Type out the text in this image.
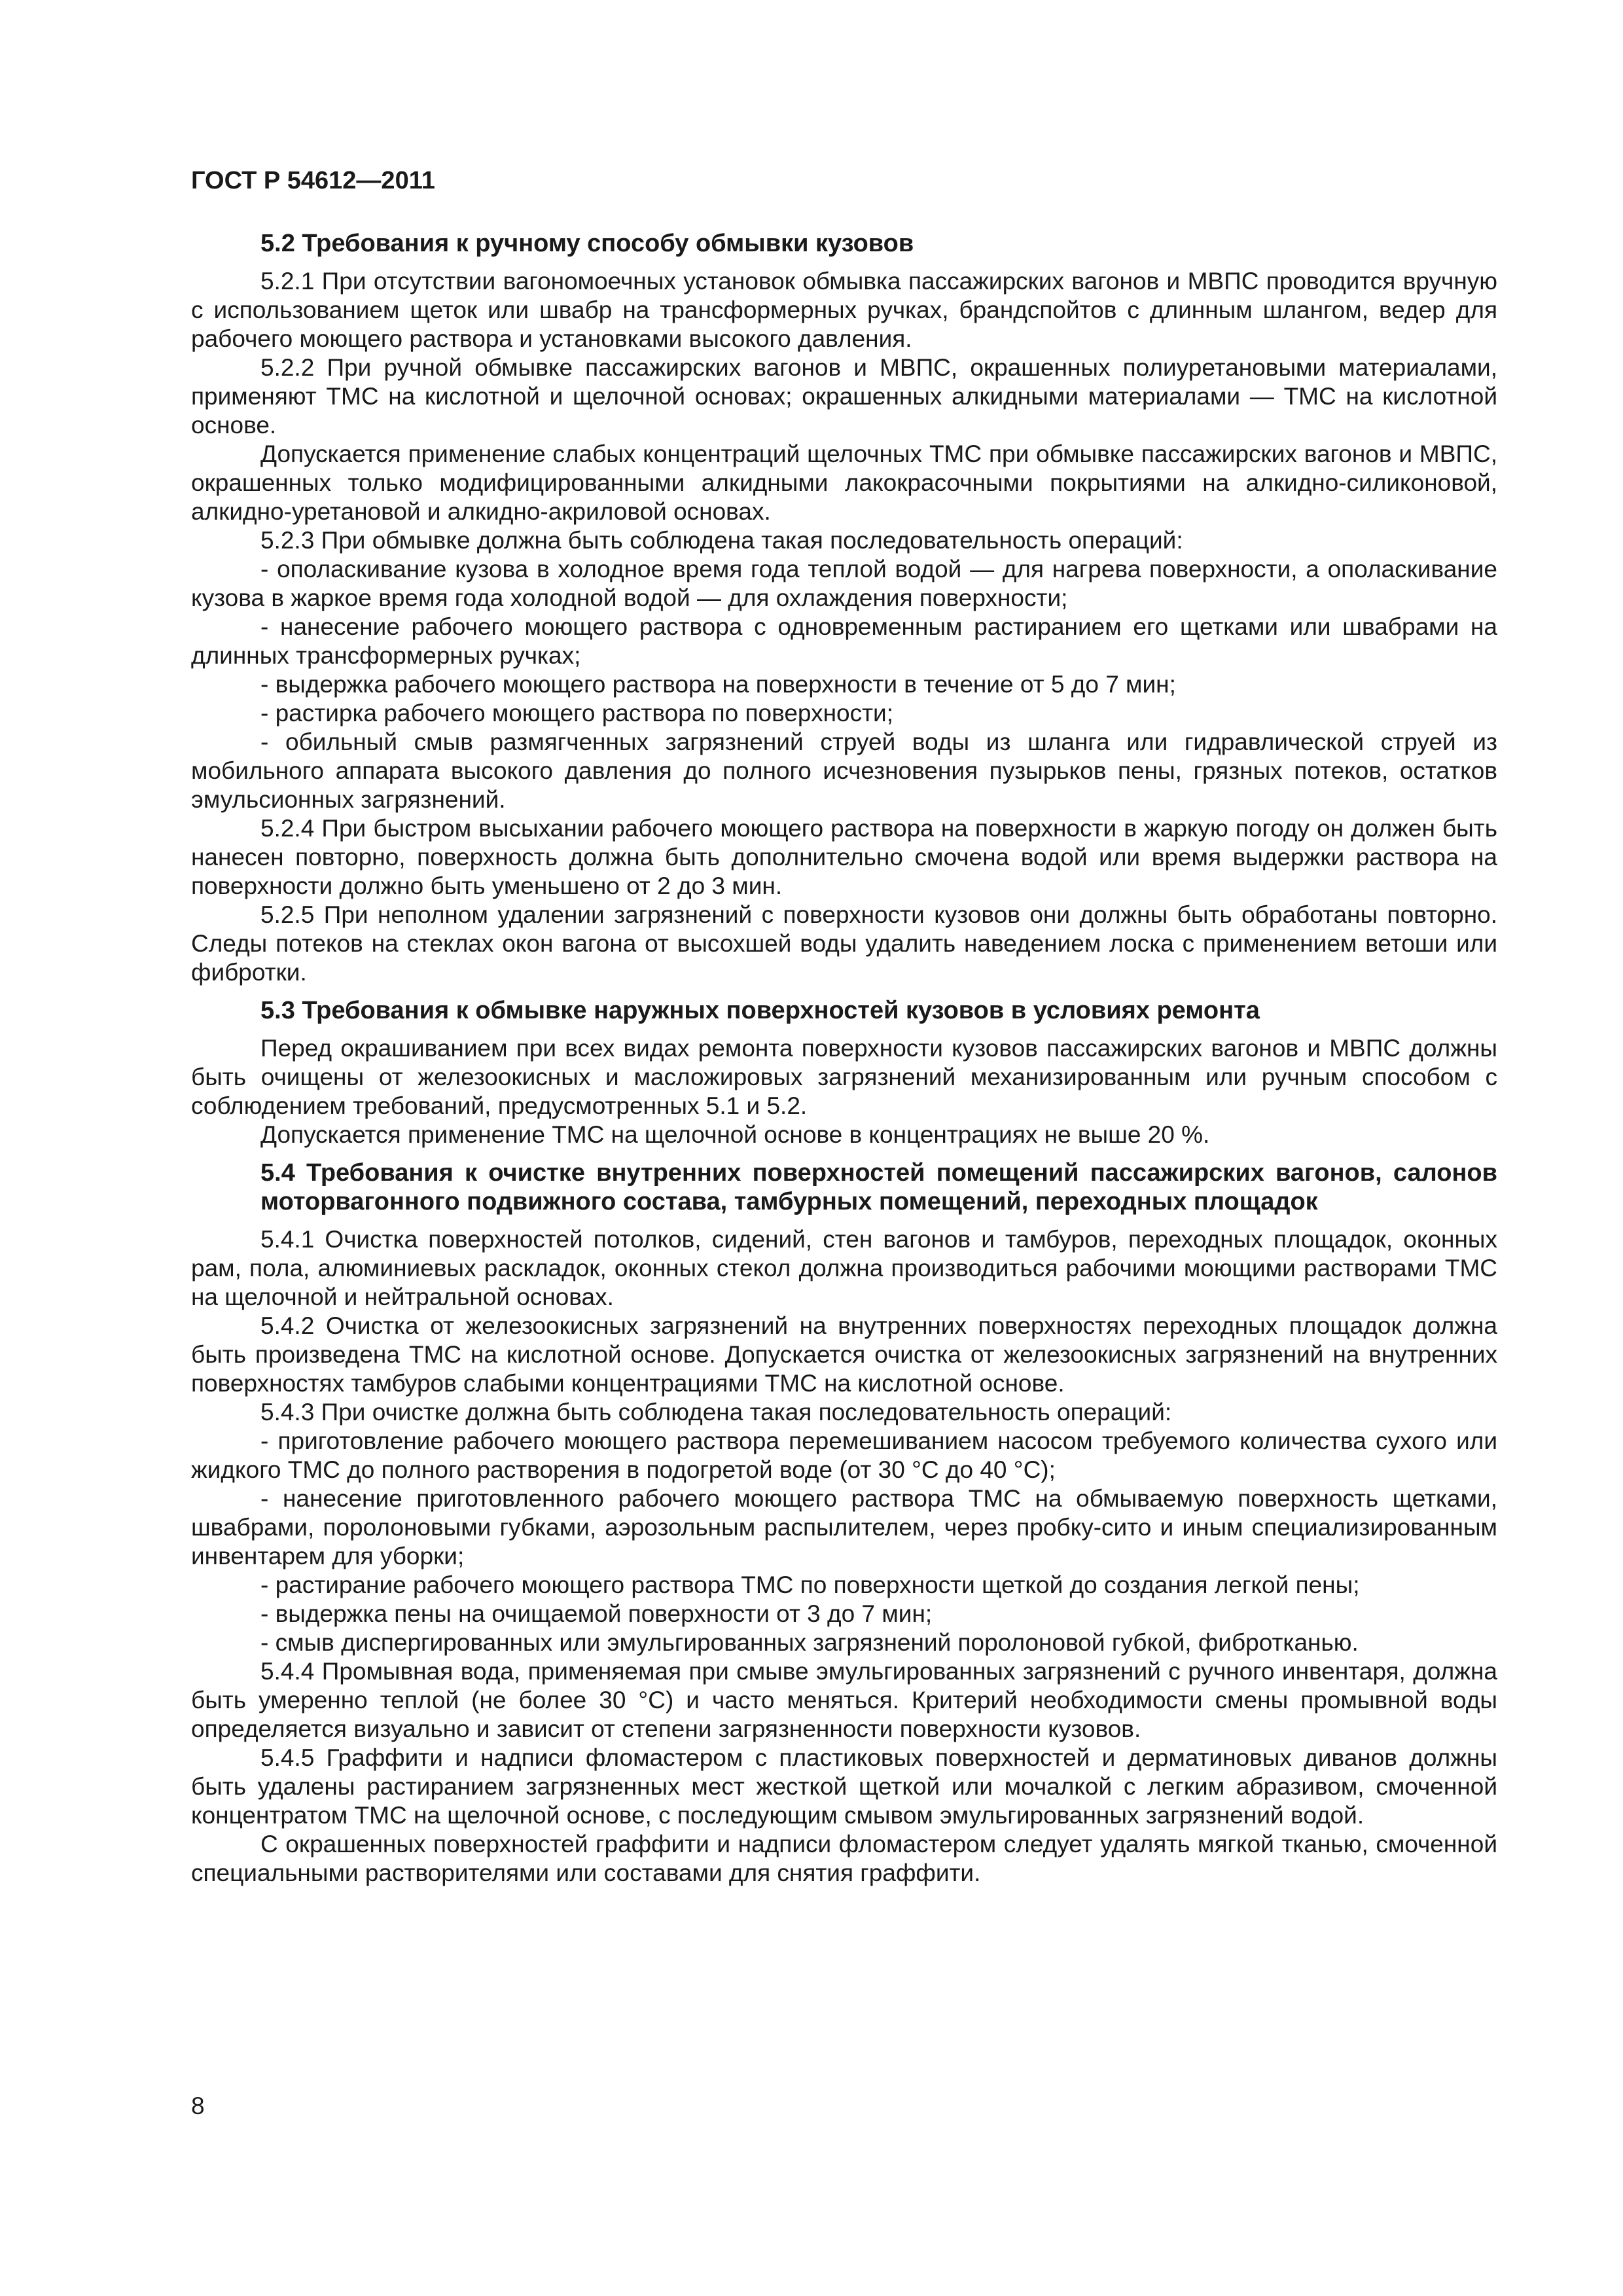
ГОСТ Р 54612—2011
5.2 Требования к ручному способу обмывки кузовов

5.2.1 При отсутствии вагономоечных установок обмывка пассажирских вагонов и МВПС проводится вручную с использованием щеток или швабр на трансформерных ручках, брандспойтов с длинным шлангом, ведер для рабочего моющего раствора и установками высокого давления.

5.2.2 При ручной обмывке пассажирских вагонов и МВПС, окрашенных полиуретановыми материалами, применяют ТМС на кислотной и щелочной основах; окрашенных алкидными материалами — ТМС на кислотной основе.

Допускается применение слабых концентраций щелочных ТМС при обмывке пассажирских вагонов и МВПС, окрашенных только модифицированными алкидными лакокрасочными покрытиями на алкидно-силиконовой, алкидно-уретановой и алкидно-акриловой основах.

5.2.3 При обмывке должна быть соблюдена такая последовательность операций:

- ополаскивание кузова в холодное время года теплой водой — для нагрева поверхности, а ополаскивание кузова в жаркое время года холодной водой — для охлаждения поверхности;

- нанесение рабочего моющего раствора с одновременным растиранием его щетками или швабрами на длинных трансформерных ручках;

- выдержка рабочего моющего раствора на поверхности в течение от 5 до 7 мин;

- растирка рабочего моющего раствора по поверхности;

- обильный смыв размягченных загрязнений струей воды из шланга или гидравлической струей из мобильного аппарата высокого давления до полного исчезновения пузырьков пены, грязных потеков, остатков эмульсионных загрязнений.

5.2.4 При быстром высыхании рабочего моющего раствора на поверхности в жаркую погоду он должен быть нанесен повторно, поверхность должна быть дополнительно смочена водой или время выдержки раствора на поверхности должно быть уменьшено от 2 до 3 мин.

5.2.5 При неполном удалении загрязнений с поверхности кузовов они должны быть обработаны повторно. Следы потеков на стеклах окон вагона от высохшей воды удалить наведением лоска с применением ветоши или фибротки.

5.3 Требования к обмывке наружных поверхностей кузовов в условиях ремонта

Перед окрашиванием при всех видах ремонта поверхности кузовов пассажирских вагонов и МВПС должны быть очищены от железоокисных и масложировых загрязнений механизированным или ручным способом с соблюдением требований, предусмотренных 5.1 и 5.2.

Допускается применение ТМС на щелочной основе в концентрациях не выше 20 %.

5.4 Требования к очистке внутренних поверхностей помещений пассажирских вагонов, салонов моторвагонного подвижного состава, тамбурных помещений, переходных площадок

5.4.1 Очистка поверхностей потолков, сидений, стен вагонов и тамбуров, переходных площадок, оконных рам, пола, алюминиевых раскладок, оконных стекол должна производиться рабочими моющими растворами ТМС на щелочной и нейтральной основах.

5.4.2 Очистка от железоокисных загрязнений на внутренних поверхностях переходных площадок должна быть произведена ТМС на кислотной основе. Допускается очистка от железоокисных загрязнений на внутренних поверхностях тамбуров слабыми концентрациями ТМС на кислотной основе.

5.4.3 При очистке должна быть соблюдена такая последовательность операций:

- приготовление рабочего моющего раствора перемешиванием насосом требуемого количества сухого или жидкого ТМС до полного растворения в подогретой воде (от 30 °С до 40 °С);

- нанесение приготовленного рабочего моющего раствора ТМС на обмываемую поверхность щетками, швабрами, поролоновыми губками, аэрозольным распылителем, через пробку-сито и иным специализированным инвентарем для уборки;

- растирание рабочего моющего раствора ТМС по поверхности щеткой до создания легкой пены;

- выдержка пены на очищаемой поверхности от 3 до 7 мин;

- смыв диспергированных или эмульгированных загрязнений поролоновой губкой, фибротканью.

5.4.4 Промывная вода, применяемая при смыве эмульгированных загрязнений с ручного инвентаря, должна быть умеренно теплой (не более 30 °С) и часто меняться. Критерий необходимости смены промывной воды определяется визуально и зависит от степени загрязненности поверхности кузовов.

5.4.5 Граффити и надписи фломастером с пластиковых поверхностей и дерматиновых диванов должны быть удалены растиранием загрязненных мест жесткой щеткой или мочалкой с легким абразивом, смоченной концентратом ТМС на щелочной основе, с последующим смывом эмульгированных загрязнений водой.

С окрашенных поверхностей граффити и надписи фломастером следует удалять мягкой тканью, смоченной специальными растворителями или составами для снятия граффити.

8
